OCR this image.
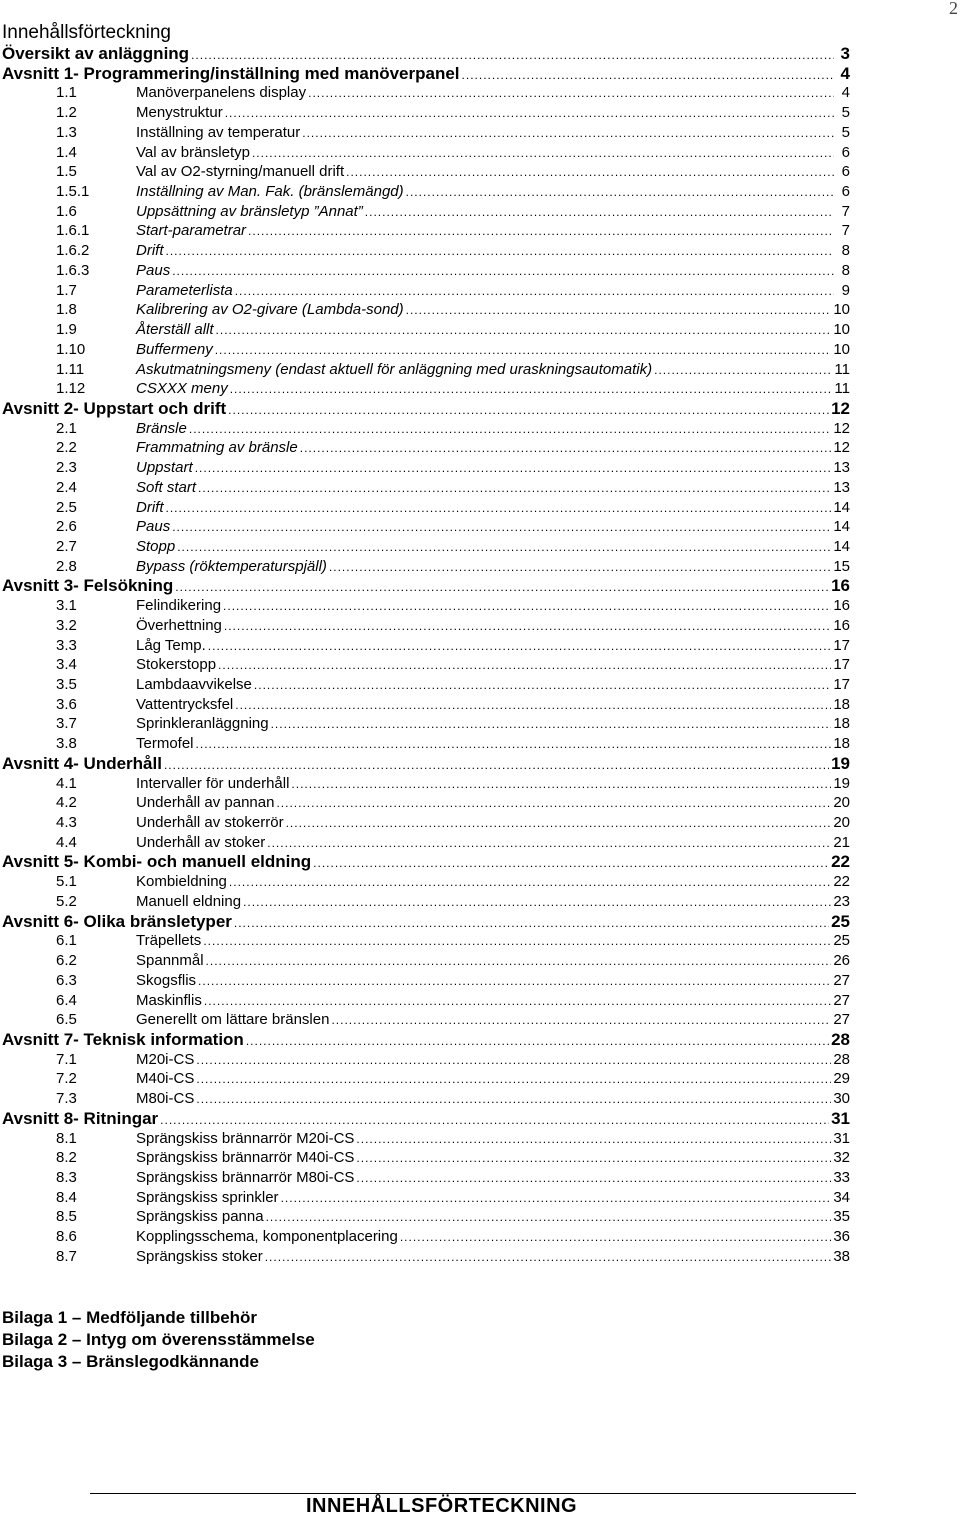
2
Innehållsförteckning
Översikt av anläggning .....	3
Avsnitt 1- Programmering/inställning med manöverpanel .....	4
1.1	Manöverpanelens display .....	4
1.2	Menystruktur .....	5
1.3	Inställning av temperatur .....	5
1.4	Val av bränsletyp .....	6
1.5	Val av O2-styrning/manuell drift .....	6
1.5.1	Inställning av Man. Fak. (bränslemängd) .....	6
1.6	Uppsättning av bränsletyp ”Annat” .....	7
1.6.1	Start-parametrar .....	7
1.6.2	Drift .....	8
1.6.3	Paus .....	8
1.7	Parameterlista .....	9
1.8	Kalibrering av O2-givare (Lambda-sond) .....	10
1.9	Återställ allt .....	10
1.10	Buffermeny .....	10
1.11	Askutmatningsmeny (endast aktuell för anläggning med uraskningsautomatik) .....	11
1.12	CSXXX meny .....	11
Avsnitt 2- Uppstart och drift .....	12
2.1	Bränsle .....	12
2.2	Frammatning av bränsle .....	12
2.3	Uppstart .....	13
2.4	Soft start .....	13
2.5	Drift .....	14
2.6	Paus .....	14
2.7	Stopp .....	14
2.8	Bypass (röktemperaturspjäll) .....	15
Avsnitt 3- Felsökning .....	16
3.1	Felindikering .....	16
3.2	Överhettning .....	16
3.3	Låg Temp. .....	17
3.4	Stokerstopp .....	17
3.5	Lambdaavvikelse .....	17
3.6	Vattentrycksfel .....	18
3.7	Sprinkleranläggning .....	18
3.8	Termofel .....	18
Avsnitt 4- Underhåll .....	19
4.1	Intervaller för underhåll .....	19
4.2	Underhåll av pannan .....	20
4.3	Underhåll av stokerrör .....	20
4.4	Underhåll av stoker .....	21
Avsnitt 5- Kombi- och manuell eldning .....	22
5.1	Kombieldning .....	22
5.2	Manuell eldning .....	23
Avsnitt 6- Olika bränsletyper .....	25
6.1	Träpellets .....	25
6.2	Spannmål .....	26
6.3	Skogsflis .....	27
6.4	Maskinflis .....	27
6.5	Generellt om lättare bränslen .....	27
Avsnitt 7- Teknisk information .....	28
7.1	M20i-CS .....	28
7.2	M40i-CS .....	29
7.3	M80i-CS .....	30
Avsnitt 8- Ritningar .....	31
8.1	Sprängskiss brännarrör M20i-CS .....	31
8.2	Sprängskiss brännarrör M40i-CS .....	32
8.3	Sprängskiss brännarrör M80i-CS .....	33
8.4	Sprängskiss sprinkler .....	34
8.5	Sprängskiss panna .....	35
8.6	Kopplingsschema, komponentplacering .....	36
8.7	Sprängskiss stoker .....	38
Bilaga 1 – Medföljande tillbehör
Bilaga 2 – Intyg om överensstämmelse
Bilaga 3 – Bränslegodkännande
INNEHÅLLSFÖRTECKNING
